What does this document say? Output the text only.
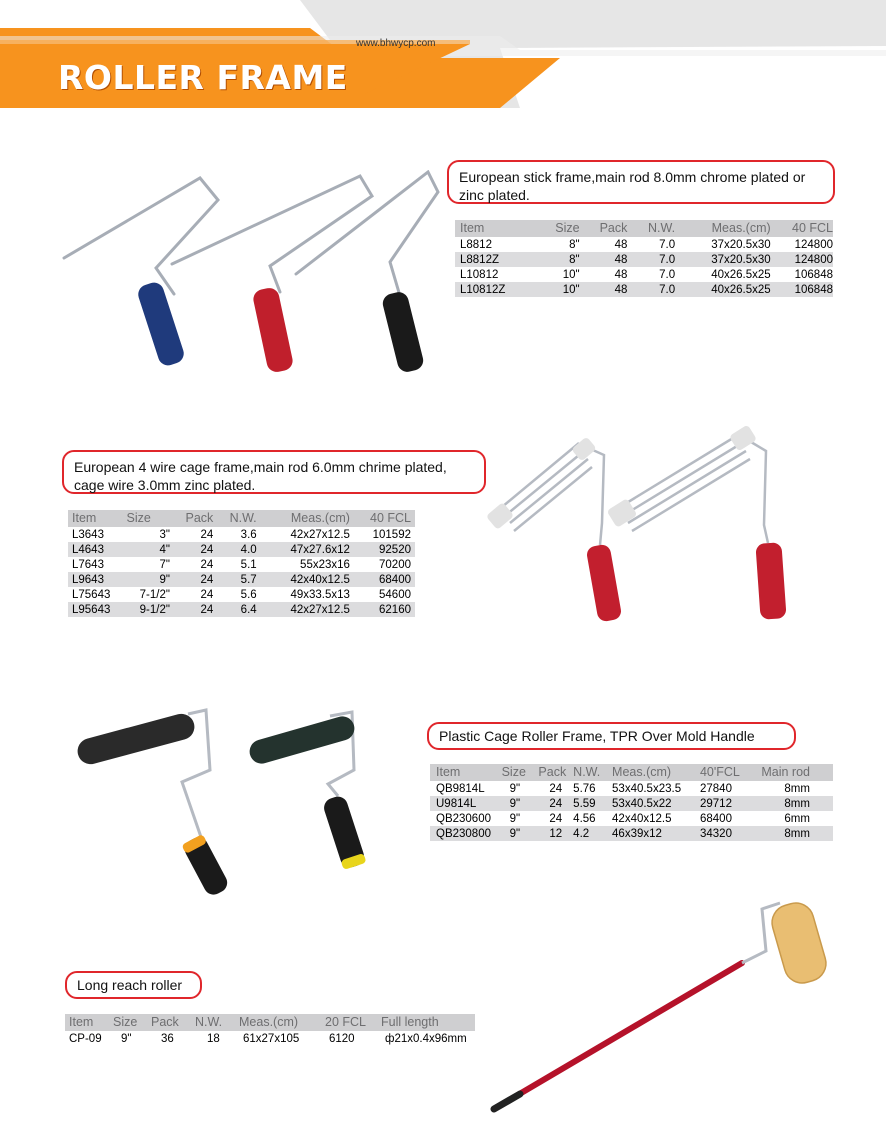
www.bhwycp.com
ROLLER FRAME
European stick frame,main rod 8.0mm chrome plated or zinc plated.
Item	Size	Pack	N.W.	Meas.(cm)	40 FCL
L8812	8"	48	7.0	37x20.5x30	124800
L8812Z	8"	48	7.0	37x20.5x30	124800
L10812	10"	48	7.0	40x26.5x25	106848
L10812Z	10"	48	7.0	40x26.5x25	106848
European 4 wire cage frame,main rod 6.0mm chrime plated, cage wire 3.0mm zinc plated.
Item	Size	Pack	N.W.	Meas.(cm)	40 FCL
L3643	3"	24	3.6	42x27x12.5	101592
L4643	4"	24	4.0	47x27.6x12	92520
L7643	7"	24	5.1	55x23x16	70200
L9643	9"	24	5.7	42x40x12.5	68400
L75643	7-1/2"	24	5.6	49x33.5x13	54600
L95643	9-1/2"	24	6.4	42x27x12.5	62160
Plastic Cage Roller Frame, TPR Over Mold Handle
Item	Size	Pack	N.W.	Meas.(cm)	40'FCL	Main rod
QB9814L	9"	24	5.76	53x40.5x23.5	27840	8mm
U9814L	9"	24	5.59	53x40.5x22	29712	8mm
QB230600	9"	24	4.56	42x40x12.5	68400	6mm
QB230800	9"	12	4.2	46x39x12	34320	8mm
Long reach roller
Item	Size	Pack	N.W.	Meas.(cm)	20 FCL	Full length
CP-09	9"	36	18	61x27x105	6120	ф21x0.4x96mm
